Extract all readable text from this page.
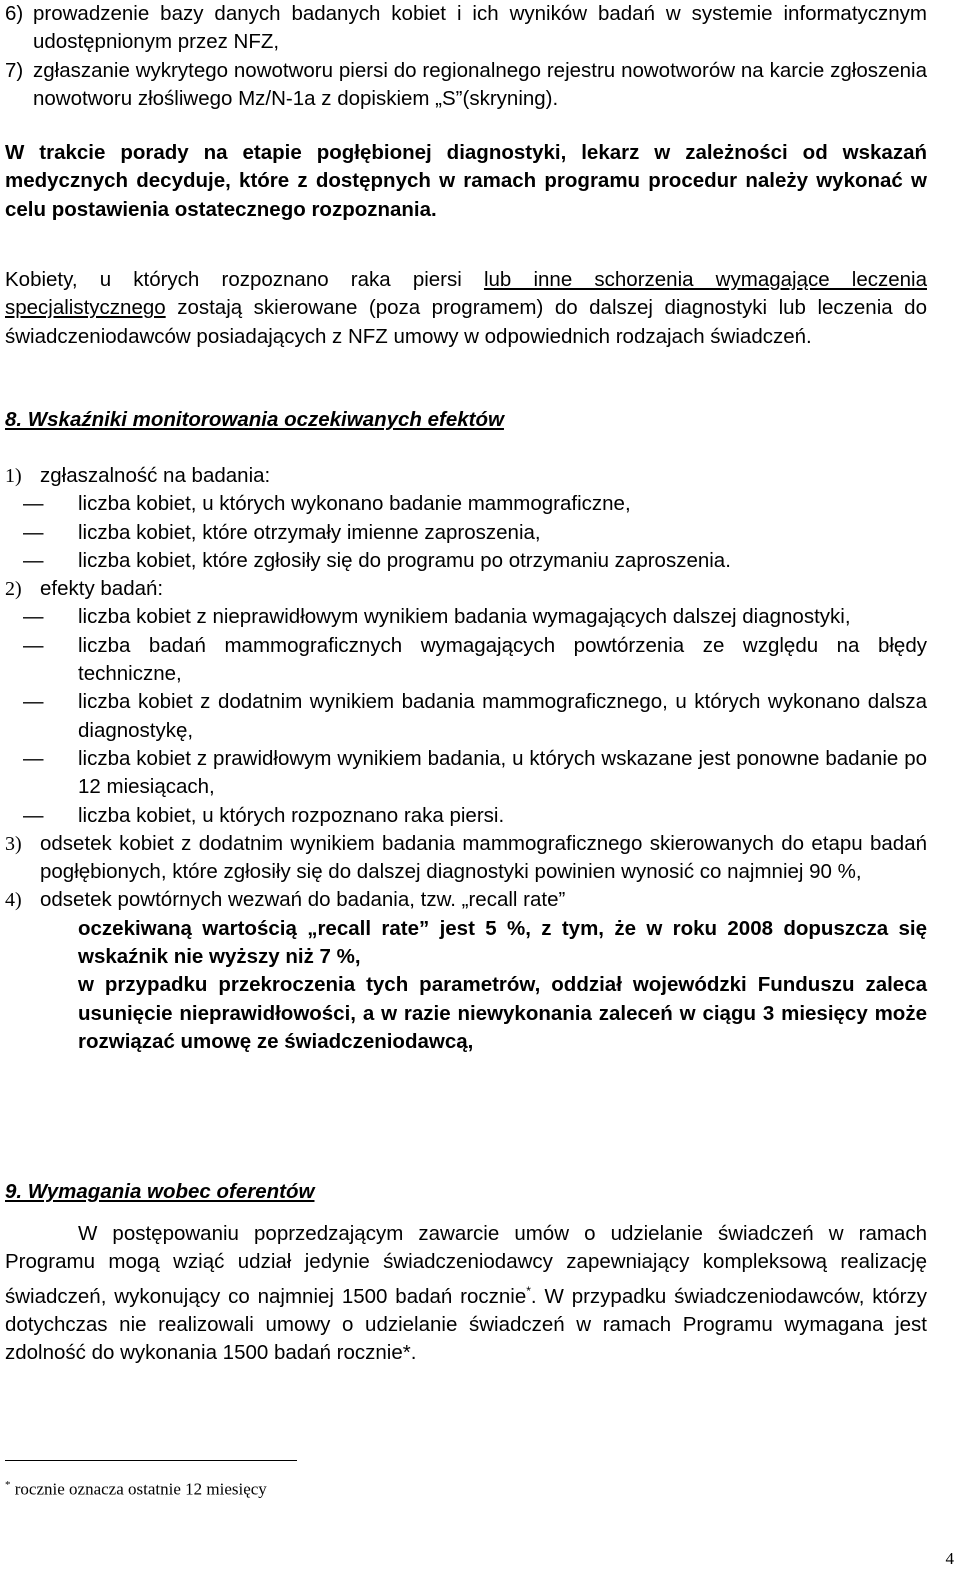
6) prowadzenie bazy danych badanych kobiet i ich wyników badań w systemie informatycznym udostępnionym przez NFZ,
7) zgłaszanie wykrytego nowotworu piersi do regionalnego rejestru nowotworów na karcie zgłoszenia nowotworu złośliwego Mz/N-1a z dopiskiem „S”(skryning).

W trakcie porady na etapie pogłębionej diagnostyki, lekarz w zależności od wskazań medycznych decyduje, które z dostępnych w ramach programu procedur należy wykonać w celu postawienia ostatecznego rozpoznania.

Kobiety, u których rozpoznano raka piersi lub inne schorzenia wymagające leczenia specjalistycznego zostają skierowane (poza programem) do dalszej diagnostyki lub leczenia do świadczeniodawców posiadających z NFZ umowy w odpowiednich rodzajach świadczeń.

8. Wskaźniki monitorowania oczekiwanych efektów

1) zgłaszalność na badania:
—	liczba kobiet, u których wykonano badanie mammograficzne,
—	liczba kobiet, które otrzymały imienne zaproszenia,
—	liczba kobiet, które zgłosiły się do programu po otrzymaniu zaproszenia.
2) efekty badań:
—	liczba kobiet z nieprawidłowym wynikiem badania wymagających dalszej diagnostyki,
—	liczba badań mammograficznych wymagających powtórzenia ze względu na błędy techniczne,
—	liczba kobiet z dodatnim wynikiem badania mammograficznego, u których wykonano dalsza diagnostykę,
—	liczba kobiet z prawidłowym wynikiem badania, u których wskazane jest ponowne badanie po 12 miesiącach,
—	liczba kobiet, u których rozpoznano raka piersi.
3) odsetek kobiet z dodatnim wynikiem badania mammograficznego skierowanych do etapu badań pogłębionych, które zgłosiły się do dalszej diagnostyki powinien wynosić co najmniej 90 %,
4) odsetek powtórnych wezwań do badania, tzw. „recall rate”

oczekiwaną wartością „recall rate” jest 5 %, z tym, że w roku 2008 dopuszcza się wskaźnik nie wyższy niż 7 %,

w przypadku przekroczenia tych parametrów, oddział wojewódzki Funduszu zaleca usunięcie nieprawidłowości, a w razie niewykonania zaleceń w ciągu 3 miesięcy może rozwiązać umowę ze świadczeniodawcą,

9. Wymagania wobec oferentów

W postępowaniu poprzedzającym zawarcie umów o udzielanie świadczeń w ramach Programu mogą wziąć udział jedynie świadczeniodawcy zapewniający kompleksową realizację świadczeń, wykonujący co najmniej 1500 badań rocznie*. W przypadku świadczeniodawców, którzy dotychczas nie realizowali umowy o udzielanie świadczeń w ramach Programu wymagana jest zdolność do wykonania 1500 badań rocznie*.

* rocznie oznacza ostatnie 12 miesięcy

4
